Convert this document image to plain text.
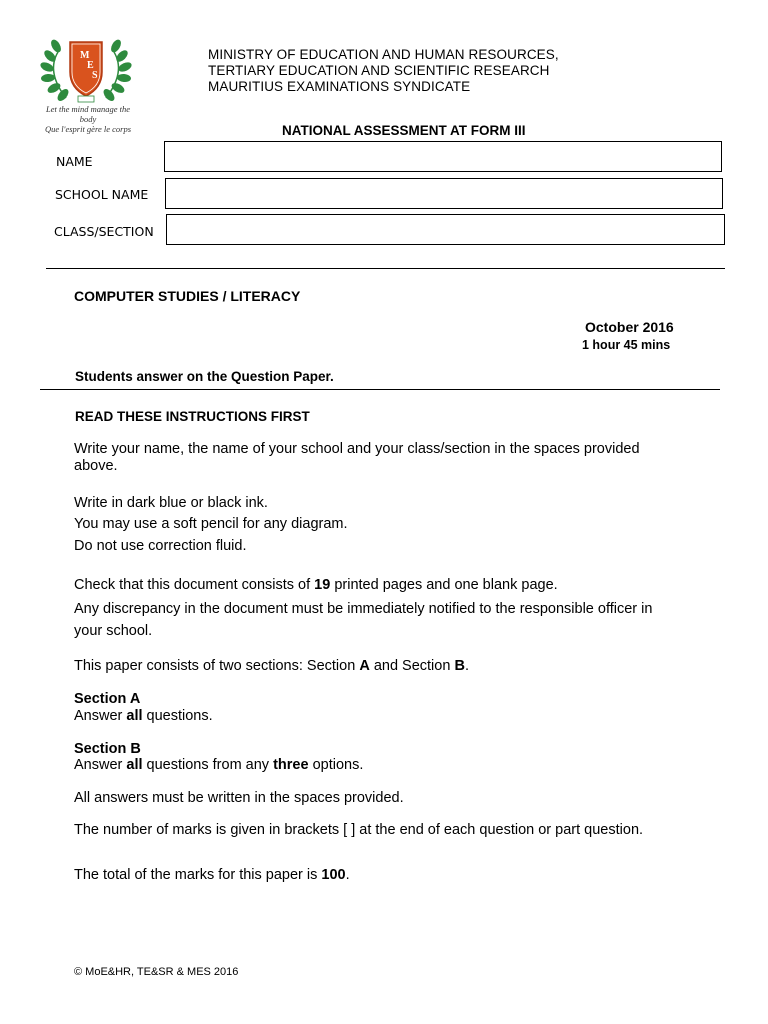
M
E
S
Let the mind manage the body
Que l'esprit gère le corps
MINISTRY OF EDUCATION AND HUMAN RESOURCES,
TERTIARY EDUCATION AND SCIENTIFIC RESEARCH
MAURITIUS EXAMINATIONS SYNDICATE
NATIONAL ASSESSMENT AT FORM III
NAME
SCHOOL NAME
CLASS/SECTION
COMPUTER STUDIES / LITERACY
October 2016
1 hour 45 mins
Students answer on the Question Paper.
READ THESE INSTRUCTIONS FIRST
Write your name, the name of your school and your class/section in the spaces provided above.
Write in dark blue or black ink.
You may use a soft pencil for any diagram.
Do not use correction fluid.
Check that this document consists of 19 printed pages and one blank page.
Any discrepancy in the document must be immediately notified to the responsible officer in your school.
This paper consists of two sections: Section A and Section B.
Section A
Answer all questions.
Section B
Answer all questions from any three options.
All answers must be written in the spaces provided.
The number of marks is given in brackets [ ] at the end of each question or part question.
The total of the marks for this paper is 100.
© MoE&HR, TE&SR & MES 2016
